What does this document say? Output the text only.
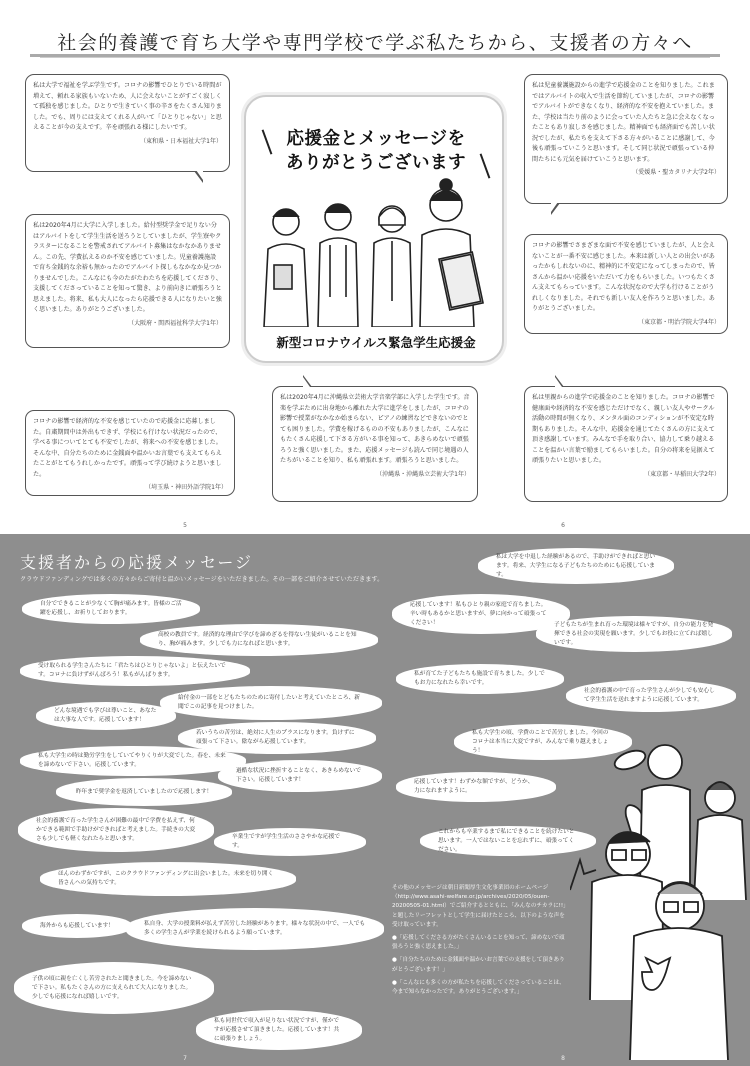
社会的養護で育ち大学や専門学校で学ぶ私たちから、支援者の方々へ
私は大学で福祉を学ぶ学生です。コロナの影響でひとりでいる時間が増えて、頼れる家族もいないため、人に会えないことがすごく寂しくて孤独を感じました。ひとりで生きていく事の辛さをたくさん知りました。でも、周りには支えてくれる人がいて「ひとりじゃない」と思えることが今の支えです。辛を頑張れる様にしたいです。
（東和県・日本福祉大学1年）
私は2020年4月に大学に入学しました。給付型奨学金で足りない分はアルバイトをして学生生活を送ろうとしていましたが、学生寮やクラスターになることを警戒されてアルバイト募集はなかなかありません。この先、学費払えるのか不安を感じていました。児童養護施設で育ち金銭的な余裕も無かったのでアルバイト探しもなかなか見つかりませんでした。こんなにも今のたがたわたちを応援してくださり、支援してくださっていることを知って驚き、より前向きに頑張ろうと思えました。将来、私も大人になったら応援できる人になりたいと強く思いました。ありがとうございました。
（大阪府・関西福祉科学大学1年）
コロナの影響で経済的な不安を感じていたので応援金に応募しました。自粛期間中は外出もできず、学校にも行けない状況だったので、学べる事についてとても不安でしたが、将来への不安を感じました。そんな中、自分たちのために金銭面や温かいお言葉でも支えてもらえたことがとてもうれしかったです。頑張って学び続けようと思いました。
（埼玉県・神田外語学院1年）
私は2020年4月に沖縄県立芸術大学音楽学部に入学した学生です。音楽を学ぶために出身地から離れた大学に進学をしましたが、コロナの影響で授業がなかなか始まらない、ピアノの練習などできないのでとても困りました。学費を稼げるものの不安もありましたが、こんなにもたくさん応援して下さる方がいる事を知って、あきらめないで頑張ろうと強く思いました。また、応援メッセージも読んで同じ境遇の人たちがいることを知り、私も頑張れます。頑張ろうと思いました。
（沖縄県・沖縄県立芸術大学1年）
私は児童養護施設からの進学で応援金のことを知りました。これまではアルバイトの収入で生活を節約していましたが、コロナの影響でアルバイトができなくなり、経済的な不安を抱えていました。また、学校は当たり前のように会っていた人たちと急に会えなくなったこともあり寂しさを感じました。精神面でも経済面でも苦しい状況でしたが、私たちを支えて下さる方々がいることに感謝して、今後も頑張っていこうと思います。そして同じ状況で頑張っている仲間たちにも元気を届けていこうと思います。
（愛媛県・聖カタリナ大学2年）
コロナの影響でさまざまな面で不安を感じていましたが、人と会えないことが一番不安に感じました。本来は新しい人との出会いがあったかもしれないのに、精神的に不安定になってしまったので、皆さんから温かい応援をいただいて力をもらいました。いつもたくさん支えてもらっています。こんな状況なので大学も行けることがうれしくなりました。それでも新しい友人を作ろうと思いました。ありがとうございました。
（東京都・明治学院大学4年）
私は里親からの進学で応援金のことを知りました。コロナの影響で健康面や経済的な不安を感じただけでなく、親しい友人やサークル活動の時間が無くなり、メンタル面のコンディションが不安定な時期もありました。そんな中、応援金を通じてたくさんの方に支えて頂き感謝しています。みんなで手を取り合い、協力して乗り越えることを温かい言葉で励ましてもらいました。自分の将来を見据えて頑張りたいと思いました。
（東京都・早稲田大学2年）
応援金とメッセージを
ありがとうございます
新型コロナウイルス緊急学生応援金
5	6
7	8
支援者からの応援メッセージ
クラウドファンディングでは多くの方々からご寄付と温かいメッセージをいただきました。その一部をご紹介させていただきます。
自分でできることが少なくて胸が痛みます。皆様のご活躍を応援し、お祈りしております。
高校の教員です。経済的な理由で学びを諦めざるを得ない生徒がいることを知り、胸が痛みます。少しでも力になればと思います。
受け取られる学生さんたちに「君たちはひとりじゃないよ」と伝えたいです。コロナに負けずがんばろう！私もがんばります。
給付金の一部をとどもたちのために寄付したいと考えていたところ、新聞でこの記事を見つけました。
どんな境遇でも学びは尊いこと、あなたは大事な人です。応援しています！
若いうちの苦労は、絶対に人生のプラスになります。負けずに頑張って下さい。陰ながら応援しています。
私も大学生の時は勤労学生をしていてやりくりが大変でした。春を、未来を諦めないで下さい。応援しています。
昨年まで奨学金を返済していましたので応援します！
過酷な状況に挫折することなく、あきらめないで下さい。応援しています！
社会的養護で育った学生さんが困難の最中で学費を払えず、何かできる範囲で手助けができればと考えました。手続きの大変さも少しでも軽くなれたらと思います。	卒業生ですが学生生活のささやかな応援です。
ほんのわずかですが、このクラウドファンディングに出会いました。未来を切り開く皆さんへの気持ちです。
海外からも応援しています！	私自身、大学の授業料が払えず苦労した経験があります。様々な状況の中で、一人でも多くの学生さんが学業を続けられるよう願っています。
子供の頃に親を亡くし苦労されたと聞きました。今を諦めないで下さい。私もたくさんの方に支えられて大人になりました。少しでも応援になれば嬉しいです。
私も同世代で収入が足りない状況ですが、僅かですが応援させて頂きました。応援しています！共に頑張りましょう。
私は大学を中退した経験があるので、手助けができればと思います。将来、大学生になる子どもたちのためにも応援しています。
応援しています！私もひとり親の家庭で育ちました。辛い時もあるかと思いますが、夢に向かって頑張ってください！	子どもたちが生まれ育った環境は様々ですが、自分の能力を発揮できる社会の実現を願います。少しでもお役に立てれば嬉しいです。
私が育てた子どもたちも施設で育ちました。少しでもお力になれたら幸いです。
社会的養護の中で育った学生さんが少しでも安心して学生生活を送れますように応援しています。
私も大学生の頃、学費のことで苦労しました。今回のコロナは本当に大変ですが、みんなで乗り越えましょう！
応援しています！わずかな額ですが、どうか、力になれますように。
これからも卒業するまで私にできることを続けたいと思います。一人ではないことを忘れずに、頑張ってください。
その他のメッセージは朝日新聞厚生文化事業団のホームページ（http://www.asahi-welfare.or.jp/archives/2020/05/ouen-20200505-01.html）でご紹介するとともに、「みんなのチカラに!!」と題したリーフレットとして学生に届けたところ、以下のような声を受け取っています。
●「応援してくださる方がたくさんいることを知って、諦めないで頑張ろうと強く思えました。」
●「自分たちのために金銭面や温かいお言葉での支援をして頂きありがとうございます！」
●「こんなにも多くの方が私たちを応援してくださっていることは、今まで知らなかったです。ありがとうございます。」
